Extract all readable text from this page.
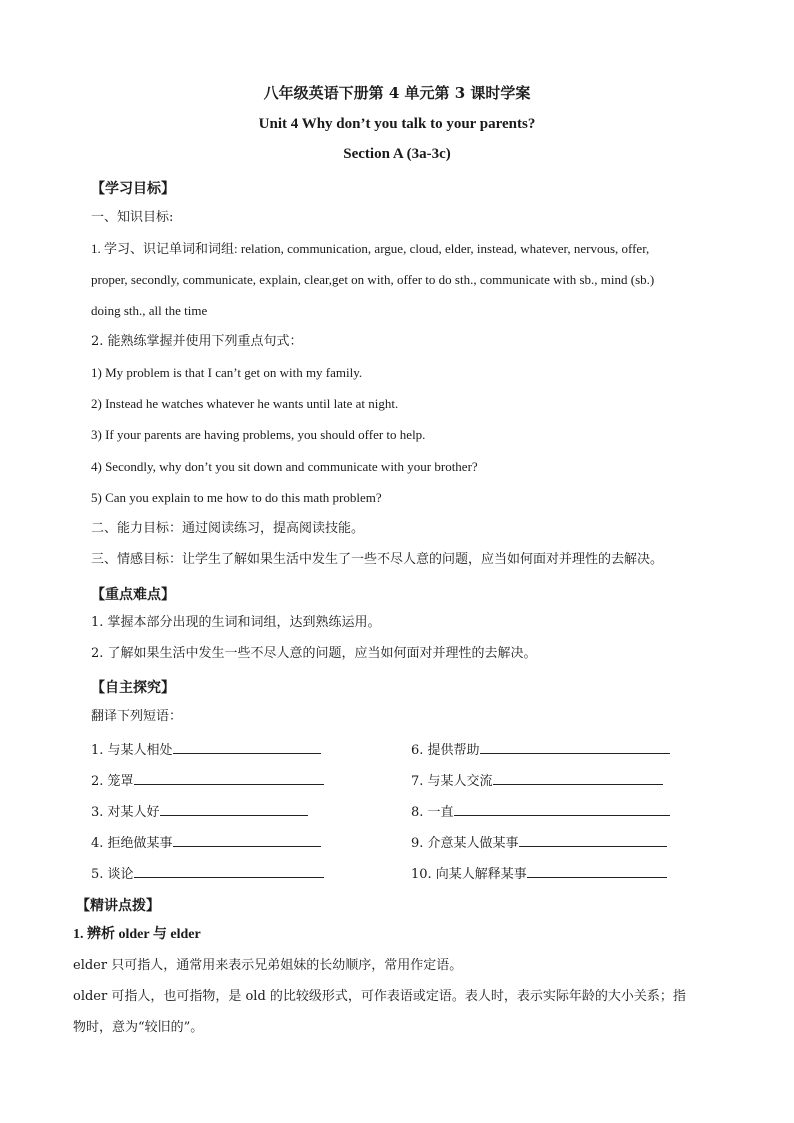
八年级英语下册第 4 单元第 3 课时学案
Unit 4 Why don’t you talk to your parents?
Section A (3a-3c)
【学习目标】
一、知识目标:
1. 学习、识记单词和词组: relation, communication, argue, cloud, elder, instead, whatever, nervous, offer,
proper, secondly, communicate, explain, clear,get on with, offer to do sth., communicate with sb., mind (sb.)
doing sth., all the time
2. 能熟练掌握并使用下列重点句式：
1) My problem is that I can’t get on with my family.
2) Instead he watches whatever he wants until late at night.
3) If your parents are having problems, you should offer to help.
4) Secondly, why don’t you sit down and communicate with your brother?
5) Can you explain to me how to do this math problem?
二、能力目标：通过阅读练习，提高阅读技能。
三、情感目标：让学生了解如果生活中发生了一些不尽人意的问题，应当如何面对并理性的去解决。
【重点难点】
1. 掌握本部分出现的生词和词组，达到熟练运用。
2. 了解如果生活中发生一些不尽人意的问题，应当如何面对并理性的去解决。
【自主探究】
翻译下列短语：
1. 与某人相处
2. 笼罩
3. 对某人好
4. 拒绝做某事
5. 谈论
6. 提供帮助
7. 与某人交流
8. 一直
9. 介意某人做某事
10. 向某人解释某事
【精讲点拨】
1. 辨析 older 与 elder
elder 只可指人，通常用来表示兄弟姐妹的长幼顺序，常用作定语。
older 可指人，也可指物，是 old 的比较级形式，可作表语或定语。表人时，表示实际年龄的大小关系；指
物时，意为“较旧的”。
